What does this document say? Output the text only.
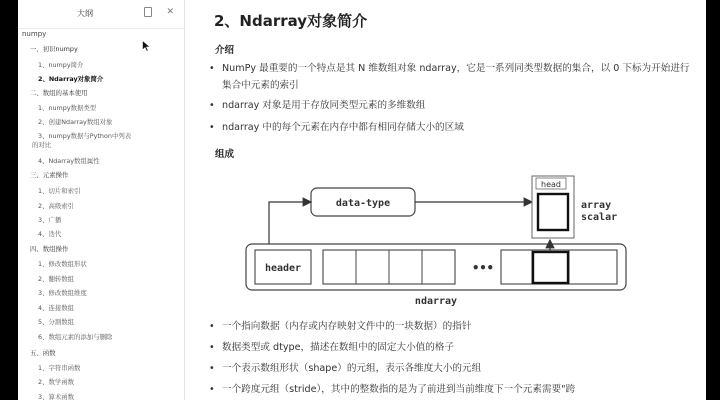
大纲	✕
numpy
一、初识numpy
1、numpy简介
2、Ndarray对象简介
二、数组的基本使用
1、numpy数据类型
2、创建Ndarray数组对象
3、numpy数据与Python中列表
的对比
4、Ndarray数组属性
三、元素操作
1、切片和索引
2、高级索引
3、广播
4、迭代
四、数组操作
1、修改数组形状
2、翻转数组
3、修改数组维度
4、连接数组
5、分割数组
6、数组元素的添加与删除
五、函数
1、字符串函数
2、数学函数
3、算术函数
2、Ndarray对象简介
介绍
• NumPy 最重要的一个特点是其 N 维数组对象 ndarray，它是一系列同类型数据的集合，以 0 下标为开始进行集合中元素的索引
• ndarray 对象是用于存放同类型元素的多维数组
• ndarray 中的每个元素在内存中都有相同存储大小的区域
组成
data-type
head
array
scalar
header	•••
ndarray
• 一个指向数据（内存或内存映射文件中的一块数据）的指针
• 数据类型或 dtype，描述在数组中的固定大小值的格子
• 一个表示数组形状（shape）的元组，表示各维度大小的元组
• 一个跨度元组（stride），其中的整数指的是为了前进到当前维度下一个元素需要"跨
